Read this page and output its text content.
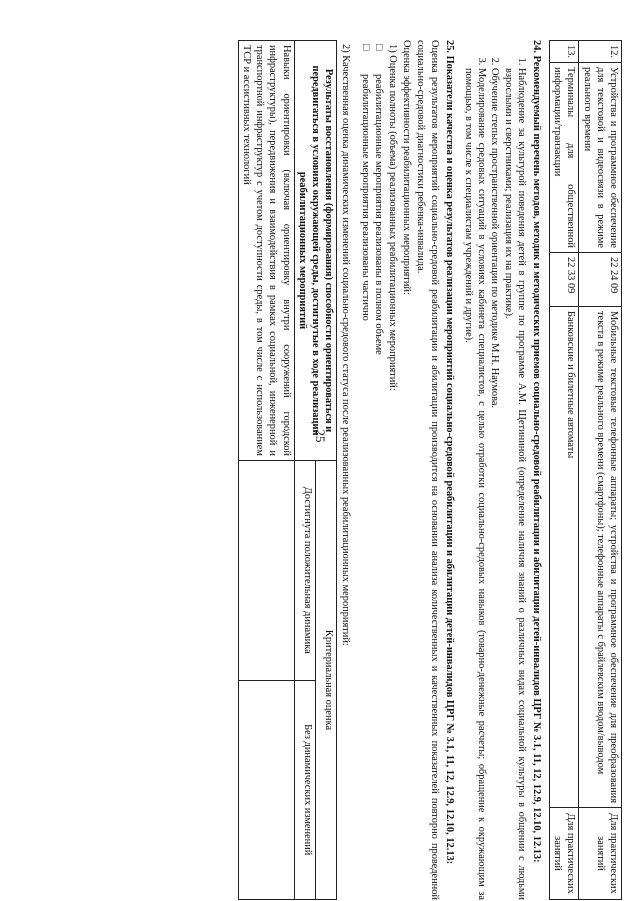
25
12.	Устройства и программное обеспечение для текстовой и видеосвязи в режиме реального времени	22 24 09	Мобильные текстовые телефонные аппараты; устройства и программное обеспечение для преобразования текста в режиме реального времени (смартфоны); телефонные аппараты с брайлевским вводом/выводом	Для практических занятий
13.	Терминалы для общественной информации/транзакции	22 33 09	Банковские и билетные автоматы	Для практических занятий
24. Рекомендуемый перечень методов, методик и методических приемов социально-средовой реабилитации и абилитации детей-инвалидов ЦРГ № 3.1, 11, 12, 12.9, 12.10, 12.13:
1. Наблюдение за культурой поведения детей в группе по программе А.М. Щетининой (определение наличия знаний о различных видах социальной культуры в общении с людьми взрослыми и сверстниками; реализация их на практике).
2. Обучение степых пространственной ориентации по методике М.Н. Наумова.
3. Моделирование средовых ситуаций в условиях кабинета специалистов, с целью отработки социально-средовых навыков (товарно-денежные расчеты; обращение к окружающим за помощью, в том числе к специалистам учреждений и другие).
25. Показатели качества и оценка результатов реализации мероприятий социально-средовой реабилитации и абилитации детей-инвалидов ЦРГ № 3.1, 11, 12, 12.9, 12.10, 12.13:
Оценка результатов мероприятий социально-средовой реабилитации и абилитации производится на основании анализа количественных и качественных показателей повторно проведенной социально-средовой диагностики ребенка-инвалида.
Оценка эффективности реабилитационных мероприятий:
1) Оценка полноты (объема) реализованных реабилитационных мероприятий:
□ реабилитационные мероприятия реализованы в полном объеме
□ реабилитационные мероприятия реализованы частично
2) Качественная оценка динамических изменений социально-средового статуса после реализованных реабилитационных мероприятий:
Результаты восстановления (формирования) способности ориентироваться и передвигаться в условиях окружающей среды, достигнутые в ходе реализации реабилитационных мероприятий	Критериальная оценка	
	Достигнута положительная динамика	Без динамических изменений
Навыки ориентировки (включая ориентировку внутри сооружений городской инфраструктуры), передвижения и взаимодействия в рамках социальной, инженерной и транспортной инфраструктур с учетом доступности среды, в том числе с использованием ТСР и ассистивных технологий		
